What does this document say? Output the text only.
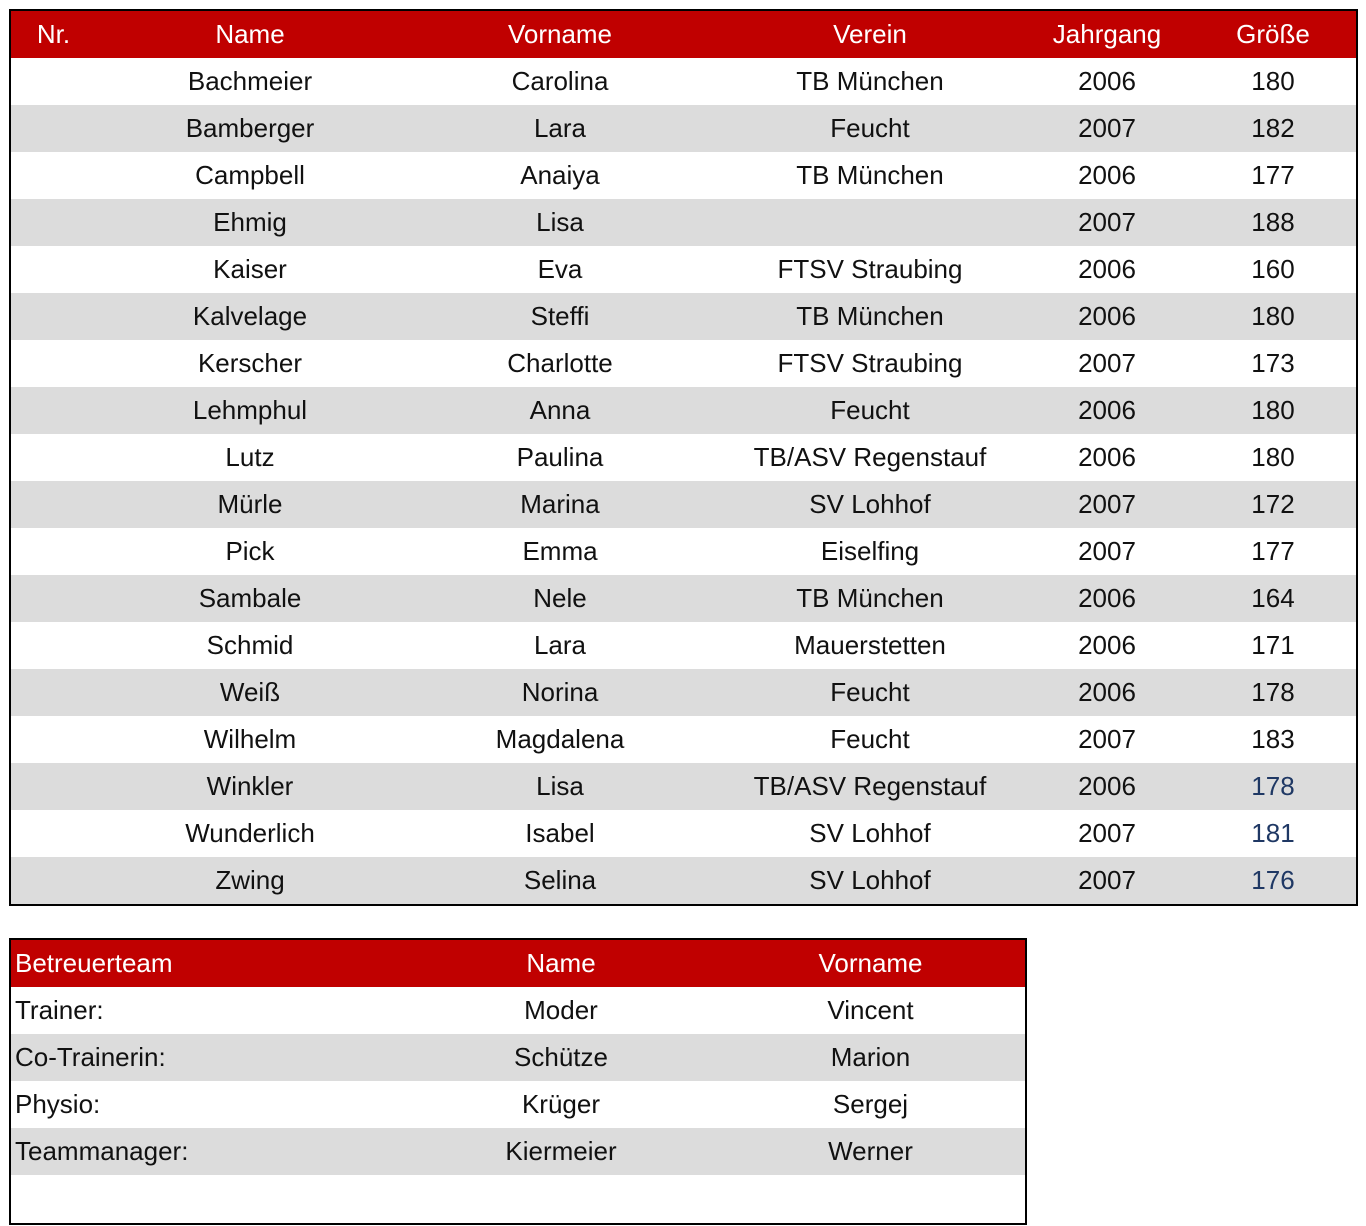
Nr.	Name	Vorname	Verein	Jahrgang	Größe
	Bachmeier	Carolina	TB München	2006	180
	Bamberger	Lara	Feucht	2007	182
	Campbell	Anaiya	TB München	2006	177
	Ehmig	Lisa		2007	188
	Kaiser	Eva	FTSV Straubing	2006	160
	Kalvelage	Steffi	TB München	2006	180
	Kerscher	Charlotte	FTSV Straubing	2007	173
	Lehmphul	Anna	Feucht	2006	180
	Lutz	Paulina	TB/ASV Regenstauf	2006	180
	Mürle	Marina	SV Lohhof	2007	172
	Pick	Emma	Eiselfing	2007	177
	Sambale	Nele	TB München	2006	164
	Schmid	Lara	Mauerstetten	2006	171
	Weiß	Norina	Feucht	2006	178
	Wilhelm	Magdalena	Feucht	2007	183
	Winkler	Lisa	TB/ASV Regenstauf	2006	178
	Wunderlich	Isabel	SV Lohhof	2007	181
	Zwing	Selina	SV Lohhof	2007	176
Betreuerteam	Name	Vorname
Trainer:	Moder	Vincent
Co-Trainerin:	Schütze	Marion
Physio:	Krüger	Sergej
Teammanager:	Kiermeier	Werner
